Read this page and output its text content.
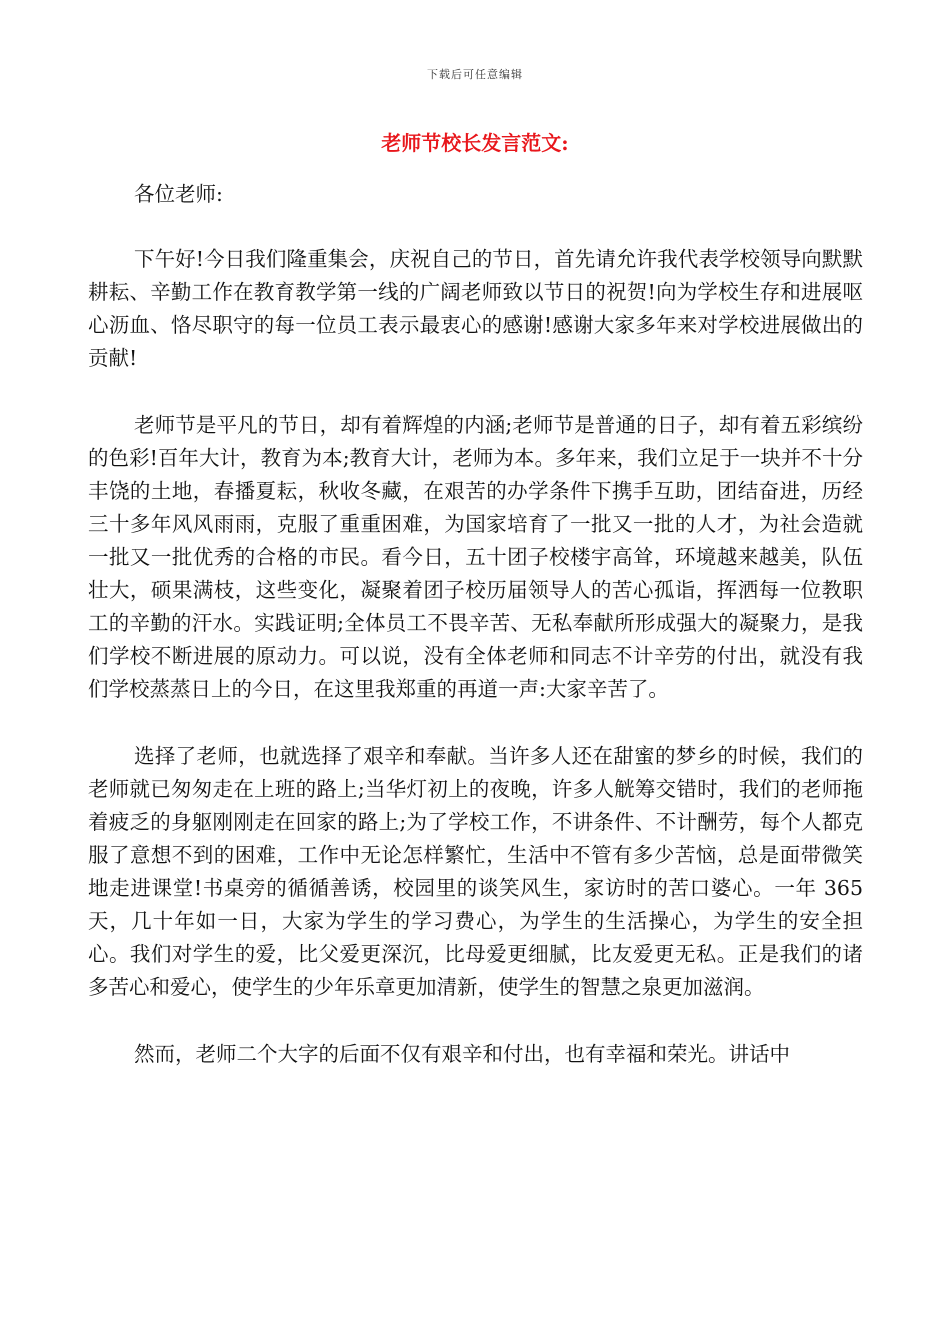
下载后可任意编辑
老师节校长发言范文:

各位老师:

下午好!今日我们隆重集会，庆祝自己的节日，首先请允许我代表学校领导向默默耕耘、辛勤工作在教育教学第一线的广阔老师致以节日的祝贺!向为学校生存和进展呕心沥血、恪尽职守的每一位员工表示最衷心的感谢!感谢大家多年来对学校进展做出的贡献!

老师节是平凡的节日，却有着辉煌的内涵;老师节是普通的日子，却有着五彩缤纷的色彩!百年大计，教育为本;教育大计，老师为本。多年来，我们立足于一块并不十分丰饶的土地，春播夏耘，秋收冬藏，在艰苦的办学条件下携手互助，团结奋进，历经三十多年风风雨雨，克服了重重困难，为国家培育了一批又一批的人才，为社会造就一批又一批优秀的合格的市民。看今日，五十团子校楼宇高耸，环境越来越美，队伍壮大，硕果满枝，这些变化，凝聚着团子校历届领导人的苦心孤诣，挥洒每一位教职工的辛勤的汗水。实践证明;全体员工不畏辛苦、无私奉献所形成强大的凝聚力，是我们学校不断进展的原动力。可以说，没有全体老师和同志不计辛劳的付出，就没有我们学校蒸蒸日上的今日，在这里我郑重的再道一声:大家辛苦了。

选择了老师，也就选择了艰辛和奉献。当许多人还在甜蜜的梦乡的时候，我们的老师就已匆匆走在上班的路上;当华灯初上的夜晚，许多人觥筹交错时，我们的老师拖着疲乏的身躯刚刚走在回家的路上;为了学校工作，不讲条件、不计酬劳，每个人都克服了意想不到的困难，工作中无论怎样繁忙，生活中不管有多少苦恼，总是面带微笑地走进课堂!书桌旁的循循善诱，校园里的谈笑风生，家访时的苦口婆心。一年 365 天，几十年如一日，大家为学生的学习费心，为学生的生活操心，为学生的安全担心。我们对学生的爱，比父爱更深沉，比母爱更细腻，比友爱更无私。正是我们的诸多苦心和爱心，使学生的少年乐章更加清新，使学生的智慧之泉更加滋润。

然而，老师二个大字的后面不仅有艰辛和付出，也有幸福和荣光。讲话中
